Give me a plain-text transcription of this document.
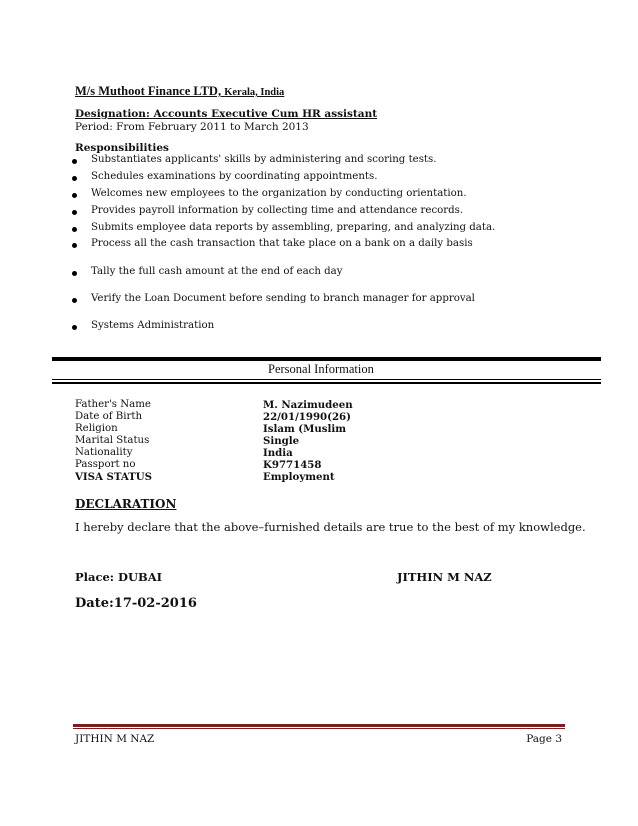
M/s Muthoot Finance LTD, Kerala, India
Designation: Accounts Executive Cum HR assistant
Period: From February 2011 to March 2013
Responsibilities
Substantiates applicants' skills by administering and scoring tests.
Schedules examinations by coordinating appointments.
Welcomes new employees to the organization by conducting orientation.
Provides payroll information by collecting time and attendance records.
Submits employee data reports by assembling, preparing, and analyzing data.
Process all the cash transaction that take place on a bank on a daily basis
Tally the full cash amount at the end of each day
Verify the Loan Document before sending to branch manager for approval
Systems Administration
Personal Information
Father's Name	M. Nazimudeen
Date of Birth	22/01/1990(26)
Religion	Islam (Muslim
Marital Status	Single
Nationality	India
Passport no	K9771458
VISA STATUS	Employment
DECLARATION
I hereby declare that the above–furnished details are true to the best of my knowledge.
Place: DUBAI	JITHIN M NAZ
Date:17-02-2016
JITHIN M NAZ	Page 3
